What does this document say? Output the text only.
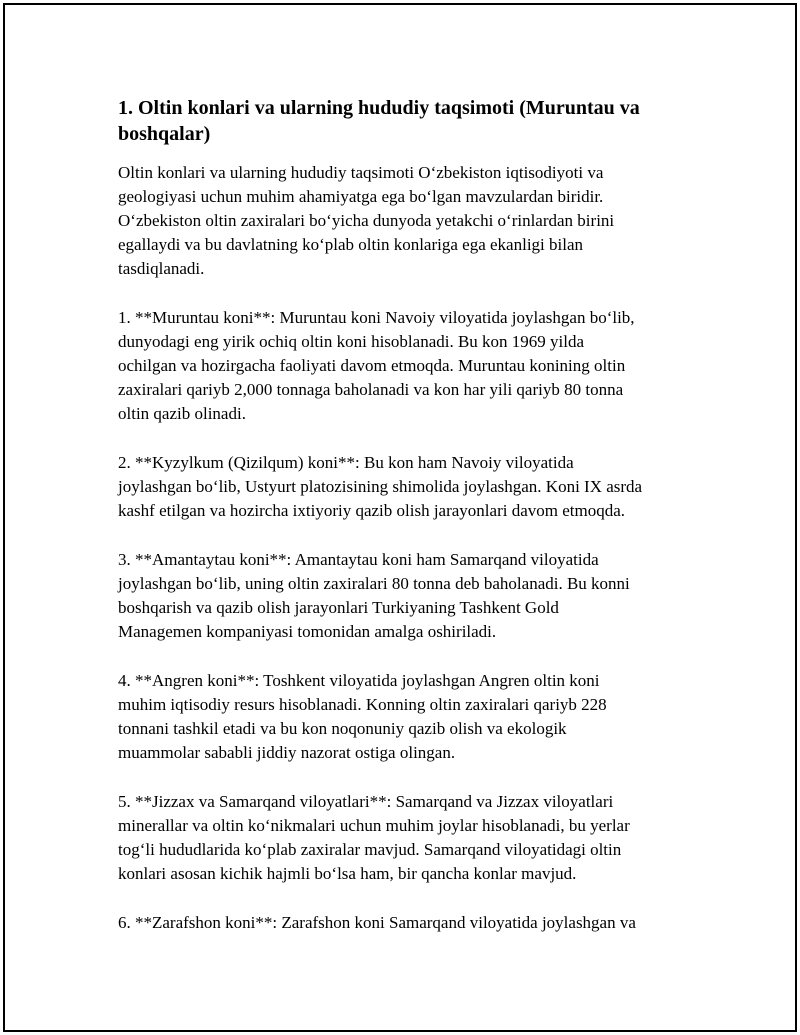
1. Oltin konlari va ularning hududiy taqsimoti (Muruntau va
boshqalar)

Oltin konlari va ularning hududiy taqsimoti O‘zbekiston iqtisodiyoti va
geologiyasi uchun muhim ahamiyatga ega bo‘lgan mavzulardan biridir.
O‘zbekiston oltin zaxiralari bo‘yicha dunyoda yetakchi o‘rinlardan birini
egallaydi va bu davlatning ko‘plab oltin konlariga ega ekanligi bilan
tasdiqlanadi.

1. **Muruntau koni**: Muruntau koni Navoiy viloyatida joylashgan bo‘lib,
dunyodagi eng yirik ochiq oltin koni hisoblanadi. Bu kon 1969 yilda
ochilgan va hozirgacha faoliyati davom etmoqda. Muruntau konining oltin
zaxiralari qariyb 2,000 tonnaga baholanadi va kon har yili qariyb 80 tonna
oltin qazib olinadi.

2. **Kyzylkum (Qizilqum) koni**: Bu kon ham Navoiy viloyatida
joylashgan bo‘lib, Ustyurt platozisining shimolida joylashgan. Koni IX asrda
kashf etilgan va hozircha ixtiyoriy qazib olish jarayonlari davom etmoqda.

3. **Amantaytau koni**: Amantaytau koni ham Samarqand viloyatida
joylashgan bo‘lib, uning oltin zaxiralari 80 tonna deb baholanadi. Bu konni
boshqarish va qazib olish jarayonlari Turkiyaning Tashkent Gold
Managemen kompaniyasi tomonidan amalga oshiriladi.

4. **Angren koni**: Toshkent viloyatida joylashgan Angren oltin koni
muhim iqtisodiy resurs hisoblanadi. Konning oltin zaxiralari qariyb 228
tonnani tashkil etadi va bu kon noqonuniy qazib olish va ekologik
muammolar sababli jiddiy nazorat ostiga olingan.

5. **Jizzax va Samarqand viloyatlari**: Samarqand va Jizzax viloyatlari
minerallar va oltin ko‘nikmalari uchun muhim joylar hisoblanadi, bu yerlar
tog‘li hududlarida ko‘plab zaxiralar mavjud. Samarqand viloyatidagi oltin
konlari asosan kichik hajmli bo‘lsa ham, bir qancha konlar mavjud.

6. **Zarafshon koni**: Zarafshon koni Samarqand viloyatida joylashgan va
